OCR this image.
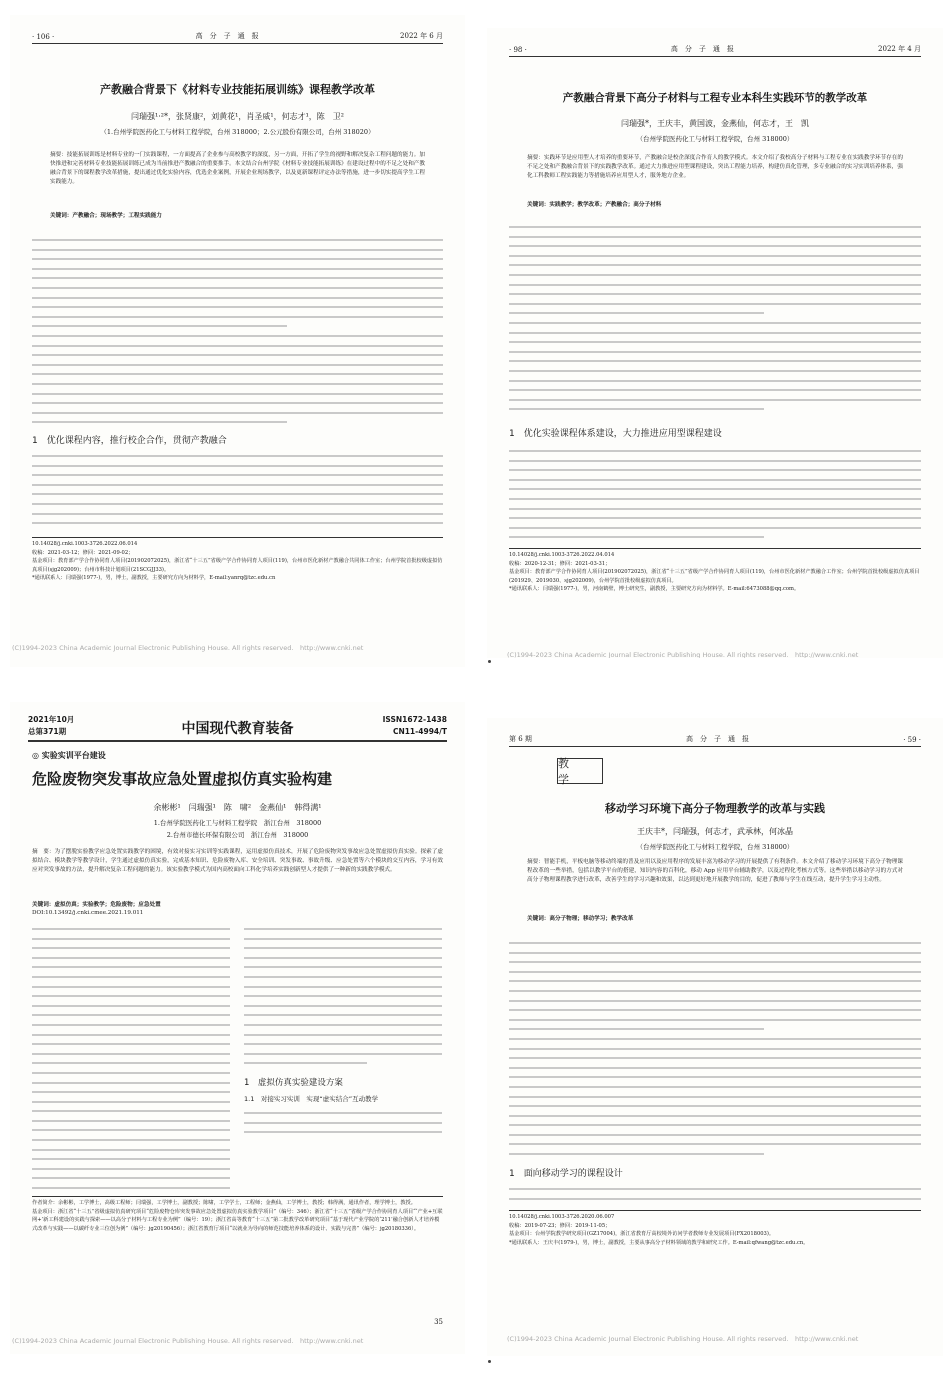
· 106 ·	高　分　子　通　报	2022 年 6 月
产教融合背景下《材料专业技能拓展训练》课程教学改革
闫瑞强¹·²*，张贤康²，刘黄花¹，肖圣威¹，何志才¹，陈　卫²
（1.台州学院医药化工与材料工程学院，台州 318000；2.公元股份有限公司，台州 318020）
摘要：技能拓展训练是材料专业的一门实践课程，一方面提高了企业参与高校教学的深度，另一方面，开拓了学生的视野和解决复杂工程问题的能力。加快推进和完善材料专业技能拓展训练已成为当前推进产教融合的重要推手。本文结合台州学院《材料专业技能拓展训练》在建设过程中的不足之处和产教融合背景下的课程教学改革措施，提出通过优化实验内容，优选企业案例，开展企业现场教学，以及更新课程评定办法等措施，进一步切实提高学生工程实践能力。
关键词：产教融合；现场教学；工程实践能力
1　优化课程内容，推行校企合作，贯彻产教融合
10.14028/j.cnki.1003-3726.2022.06.014
收稿：2021-03-12；修回：2021-09-02；
基金项目：教育部产学合作协同育人项目(201902072025)，浙江省“十三五”省级产学合作协同育人项目(119)，台州市医化新材产教融合共同体工作室；台州学院首批校级虚拟仿真项目(sjg202009)；台州市科技计划项目(21SCGJJ33)。
*通讯联系人：闫瑞强(1977-)，男，博士，副教授，主要研究方向为材料学，E-mail:yanrq@tzc.edu.cn
(C)1994-2023 China Academic Journal Electronic Publishing House. All rights reserved.　http://www.cnki.net
· 98 ·	高　分　子　通　报	2022 年 4 月
产教融合背景下高分子材料与工程专业本科生实践环节的教学改革
闫瑞强*，王庆丰，黄国波，金燕仙，何志才，王　凯
（台州学院医药化工与材料工程学院，台州 318000）
摘要：实践环节是应用型人才培养的重要环节，产教融合是校企深度合作育人的教学模式。本文介绍了我校高分子材料与工程专业在实践教学环节存在的不足之处和产教融合背景下的实践教学改革。通过大力推进应用型课程建设，突出工程能力培养，构建仿真化管理，多专业融合的实习实训培养体系，强化工科教师工程实践能力等措施培养应用型人才，服务地方企业。
关键词：实践教学；教学改革；产教融合；高分子材料
1　优化实验课程体系建设，大力推进应用型课程建设
10.14028/j.cnki.1003-3726.2022.04.014
收稿：2020-12-31；修回：2021-03-31；
基金项目：教育部产学合作协同育人项目(201902072025)，浙江省“十三五”省级产学合作协同育人项目(119)，台州市医化新材产教融合工作室；台州学院首批校级虚拟仿真项目(201929、2019030、sjg202009)，台州学院首批校级虚拟仿真项目。
*通讯联系人：闫瑞强(1977-)，男，河南鹤壁，博士研究生，副教授，主要研究方向为材料学。E-mail:6473088@qq.com。
(C)1994-2023 China Academic Journal Electronic Publishing House. All rights reserved.　http://www.cnki.net
2021年10月
总第371期	中国现代教育装备
ISSN1672-1438
CN11-4994/T
◎ 实验实训平台建设
危险废物突发事故应急处置虚拟仿真实验构建
余彬彬¹　闫瑞强¹　陈　啸²　金燕仙¹　韩得满¹
1.台州学院医药化工与材料工程学院　浙江台州　318000
2.台州市德长环保有限公司　浙江台州　318000
摘　要：为了摆脱实验教学应急处置实践教学的困境，有效对接实习实训等实践课程，运用虚拟仿真技术，开展了危险废物突发事故应急处置虚拟仿真实验。探索了虚拟结合、模块教学等教学设计，学生通过虚拟仿真实验，完成基本知识、危险废物入库、安全培训、突发事故、事故升级、应急处置等六个模块的交互内容，学习有效应对突发事故的方法，提升解决复杂工程问题的能力。该实验教学模式为国内高校面向工科化学培养实践创新型人才提供了一种新的实践教学模式。
关键词：虚拟仿真；实验教学；危险废物；应急处置
DOI:10.13492/j.cnki.cmee.2021.19.011
1　虚拟仿真实验建设方案
1.1　对接实习实训　实现“虚实结合”互动教学
作者简介：余彬彬，工学博士，高级工程师；闫瑞强，工学博士，副教授；陈啸，工学学士，工程师；金燕仙，工学博士，教授；韩得满，通讯作者，理学博士，教授。
基金项目：浙江省“十三五”省级虚拟仿真研究项目“危险废物仓库突发事故应急处置虚拟仿真实验教学项目”（编号：346）；浙江省“十三五”省级产学合作协同育人项目“‘产业+互联网+’新工科建设的实践与探索——以高分子材料与工程专业为例”（编号：19）；浙江省高等教育“十三五”第二批教学改革研究项目“基于现代产业学院的‘211’融合创新人才培养模式改革与实践——以碳纤专业三位创为例”（编号：jg20190456）；浙江省教育厅项目“以就业为导向的师范技能培养体系的设计、实践与完善”（编号：jg20180336）。
35
(C)1994-2023 China Academic Journal Electronic Publishing House. All rights reserved.　http://www.cnki.net
第 6 期	高　分　子　通　报	· 59 ·
教　学
移动学习环境下高分子物理教学的改革与实践
王庆丰*，闫瑞强，何志才，武承林，何冰晶
（台州学院医药化工与材料工程学院，台州 318000）
摘要：智能手机，平板电脑等移动终端的普及应用以及应用程序的发展丰富为移动学习的开展提供了有利条件。本文介绍了移动学习环境下高分子物理课程改革的一些举措，包括以教学平台的搭建，知识内容的百科化，移动 App 应用平台辅助教学，以及过程化考核方式等。这些举措以移动学习的方式对高分子物理课程教学进行改革，改善学生的学习兴趣和效果，以达到更好地开展教学的目的，促进了教师与学生在线互动，提升学生学习主动性。
关键词：高分子物理；移动学习；教学改革
1　面向移动学习的课程设计
10.14028/j.cnki.1003-3726.2020.06.007
收稿：2019-07-23；修回：2019-11-05；
基金项目：台州学院教学研究项目(GZ17004)，浙江省教育厅高校境外访问学者教师专业发展项目(FX2018003)。
*通讯联系人：王庆丰(1979-)，男，博士，副教授，主要从事高分子材料领域的教学和研究工作。E-mail:qfwang@tzc.edu.cn。
(C)1994-2023 China Academic Journal Electronic Publishing House. All rights reserved.　http://www.cnki.net
